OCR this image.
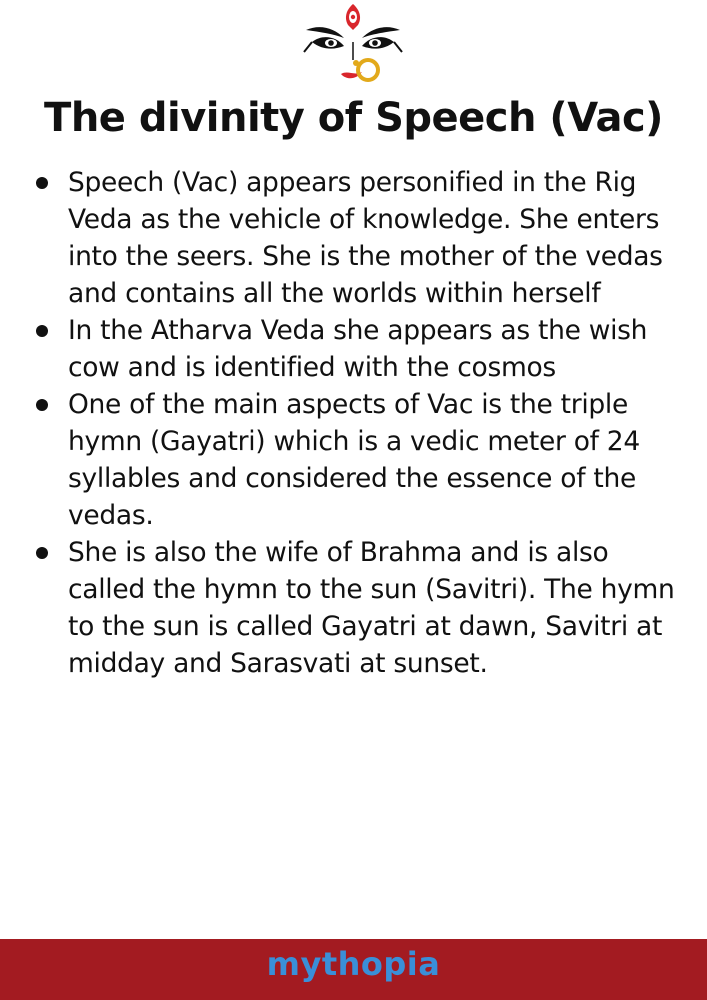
The divinity of Speech (Vac)
Speech (Vac) appears personified in the Rig Veda as the vehicle of knowledge. She enters into the seers. She is the mother of the vedas and contains all the worlds within herself
In the Atharva Veda she appears as the wish cow and is identified with the cosmos
One of the main aspects of Vac is the triple hymn (Gayatri) which is a vedic meter of 24 syllables and considered the essence of the vedas.
She is also the wife of Brahma and is also called the hymn to the sun (Savitri). The hymn to the sun is called Gayatri at dawn, Savitri at midday and Sarasvati at sunset.
mythopia
